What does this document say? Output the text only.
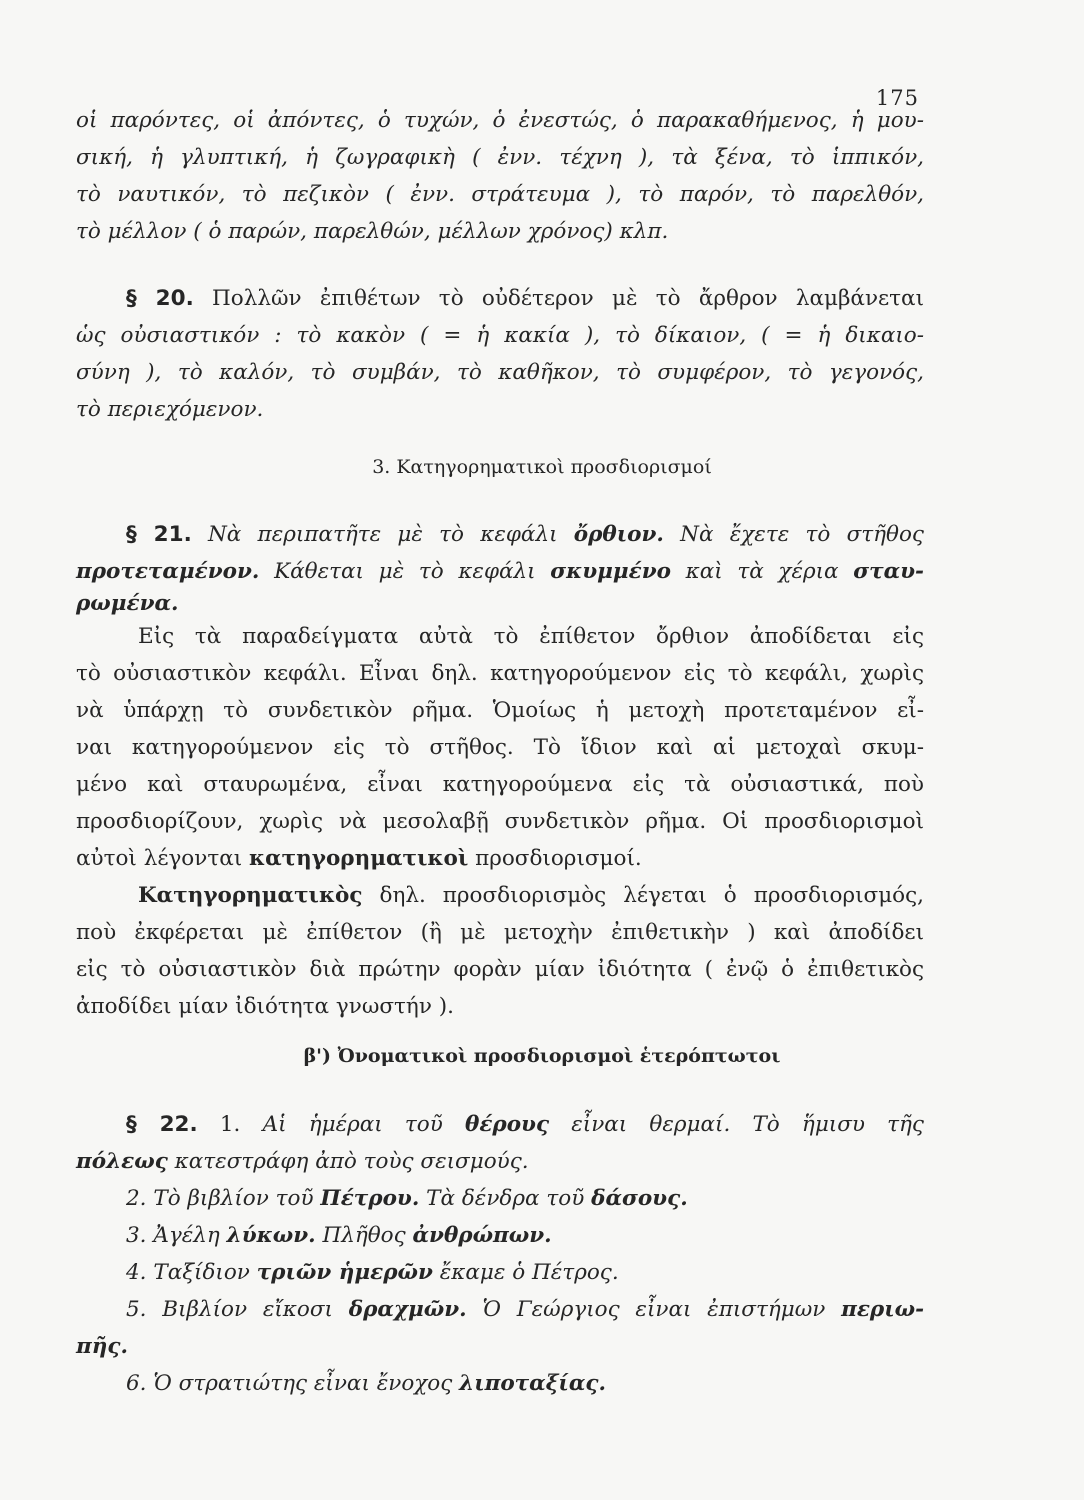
175
οἱ παρόντες, οἱ ἀπόντες, ὁ τυχών, ὁ ἐνεστώς, ὁ παρακαθήμενος, ἡ μου-
σική, ἡ γλυπτική, ἡ ζωγραφικὴ ( ἐνν. τέχνη ), τὰ ξένα, τὸ ἱππικόν,
τὸ ναυτικόν, τὸ πεζικὸν ( ἐνν. στράτευμα ), τὸ παρόν, τὸ παρελθόν,
τὸ μέλλον ( ὁ παρών, παρελθών, μέλλων χρόνος) κλπ.
§ 20. Πολλῶν ἐπιθέτων τὸ οὐδέτερον μὲ τὸ ἄρθρον λαμβάνεται
ὡς οὐσιαστικόν : τὸ κακὸν ( = ἡ κακία ), τὸ δίκαιον, ( = ἡ δικαιο-
σύνη ), τὸ καλόν, τὸ συμβάν, τὸ καθῆκον, τὸ συμφέρον, τὸ γεγονός,
τὸ περιεχόμενον.
3. Κατηγορηματικοὶ προσδιορισμοί
§ 21. Νὰ περιπατῆτε μὲ τὸ κεφάλι ὄρθιον. Νὰ ἔχετε τὸ στῆθος
προτεταμένον. Κάθεται μὲ τὸ κεφάλι σκυμμένο καὶ τὰ χέρια σταυ-
ρωμένα.
Εἰς τὰ παραδείγματα αὐτὰ τὸ ἐπίθετον ὄρθιον ἀποδίδεται εἰς
τὸ οὐσιαστικὸν κεφάλι. Εἶναι δηλ. κατηγορούμενον εἰς τὸ κεφάλι, χωρὶς
νὰ ὑπάρχῃ τὸ συνδετικὸν ρῆμα. Ὁμοίως ἡ μετοχὴ προτεταμένον εἶ-
ναι κατηγορούμενον εἰς τὸ στῆθος. Τὸ ἴδιον καὶ αἱ μετοχαὶ σκυμ-
μένο καὶ σταυρωμένα, εἶναι κατηγορούμενα εἰς τὰ οὐσιαστικά, ποὺ
προσδιορίζουν, χωρὶς νὰ μεσολαβῇ συνδετικὸν ρῆμα. Οἱ προσδιορισμοὶ
αὐτοὶ λέγονται κατηγορηματικοὶ προσδιορισμοί.
Κατηγορηματικὸς δηλ. προσδιορισμὸς λέγεται ὁ προσδιορισμός,
ποὺ ἐκφέρεται μὲ ἐπίθετον (ἢ μὲ μετοχὴν ἐπιθετικὴν ) καὶ ἀποδίδει
εἰς τὸ οὐσιαστικὸν διὰ πρώτην φορὰν μίαν ἰδιότητα ( ἐνῷ ὁ ἐπιθετικὸς
ἀποδίδει μίαν ἰδιότητα γνωστήν ).
β') Ὀνοματικοὶ προσδιορισμοὶ ἑτερόπτωτοι
§ 22. 1. Αἱ ἡμέραι τοῦ θέρους εἶναι θερμαί. Τὸ ἥμισυ τῆς
πόλεως κατεστράφη ἀπὸ τοὺς σεισμούς.
2. Τὸ βιβλίον τοῦ Πέτρου. Τὰ δένδρα τοῦ δάσους.
3. Ἀγέλη λύκων. Πλῆθος ἀνθρώπων.
4. Ταξίδιον τριῶν ἡμερῶν ἔκαμε ὁ Πέτρος.
5. Βιβλίον εἴκοσι δραχμῶν. Ὁ Γεώργιος εἶναι ἐπιστήμων περιω-
πῆς.
6. Ὁ στρατιώτης εἶναι ἔνοχος λιποταξίας.
